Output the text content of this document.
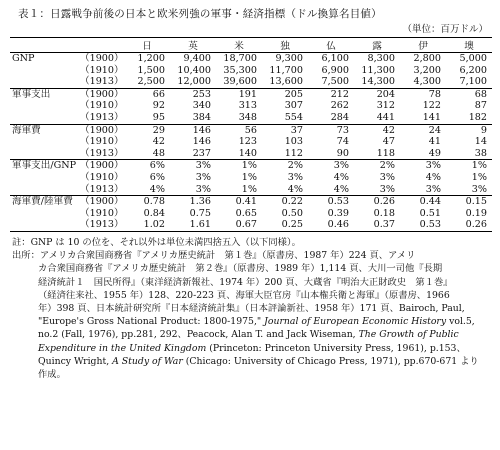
表１：日露戦争前後の日本と欧米列強の軍事・経済指標（ドル換算名目値）
（単位：百万ドル）
		日	英	米	独	仏	露	伊	墺
GNP	（1900）	1,200	9,400	18,700	9,300	6,100	8,300	2,800	5,000
	（1910）	1,500	10,400	35,300	11,700	6,900	11,300	3,200	6,200
	（1913）	2,500	12,000	39,600	13,600	7,500	14,300	4,300	7,100
軍事支出	（1900）	66	253	191	205	212	204	78	68
	（1910）	92	340	313	307	262	312	122	87
	（1913）	95	384	348	554	284	441	141	182
海軍費	（1900）	29	146	56	37	73	42	24	9
	（1910）	42	146	123	103	74	47	41	14
	（1913）	48	237	140	112	90	118	49	38
軍事支出/GNP	（1900）	6%	3%	1%	2%	3%	2%	3%	1%
	（1910）	6%	3%	1%	3%	4%	3%	4%	1%
	（1913）	4%	3%	1%	4%	4%	3%	3%	3%
海軍費/陸軍費	（1900）	0.78	1.36	0.41	0.22	0.53	0.26	0.44	0.15
	（1910）	0.84	0.75	0.65	0.50	0.39	0.18	0.51	0.19
	（1913）	1.02	1.61	0.67	0.25	0.46	0.37	0.53	0.26

註：GNP は 10 の位を、それ以外は単位未満四捨五入（以下同様）。

出所：アメリカ合衆国商務省『アメリカ歴史統計　第１巻』（原書房、1987 年）224 頁、アメリ

カ合衆国商務省『アメリカ歴史統計　第２巻』（原書房、1989 年）1,114 頁、大川一司他『長期

経済統計１　国民所得』（東洋経済新報社、1974 年）200 頁、大蔵省『明治大正財政史　第１巻』

（経済往来社、1955 年）128、220-223 頁、海軍大臣官房『山本権兵衛と海軍』（原書房、1966

年）398 頁、日本統計研究所『日本経済統計集』（日本評論新社、1958 年）171 頁、Bairoch, Paul,

"Europe's Gross National Product: 1800-1975," Journal of European Economic History vol.5,

no.2 (Fall, 1976), pp.281, 292、Peacock, Alan T. and Jack Wiseman, The Growth of Public

Expenditure in the United Kingdom (Princeton: Princeton University Press, 1961), p.153、

Quincy Wright, A Study of War (Chicago: University of Chicago Press, 1971), pp.670-671 より

作成。
